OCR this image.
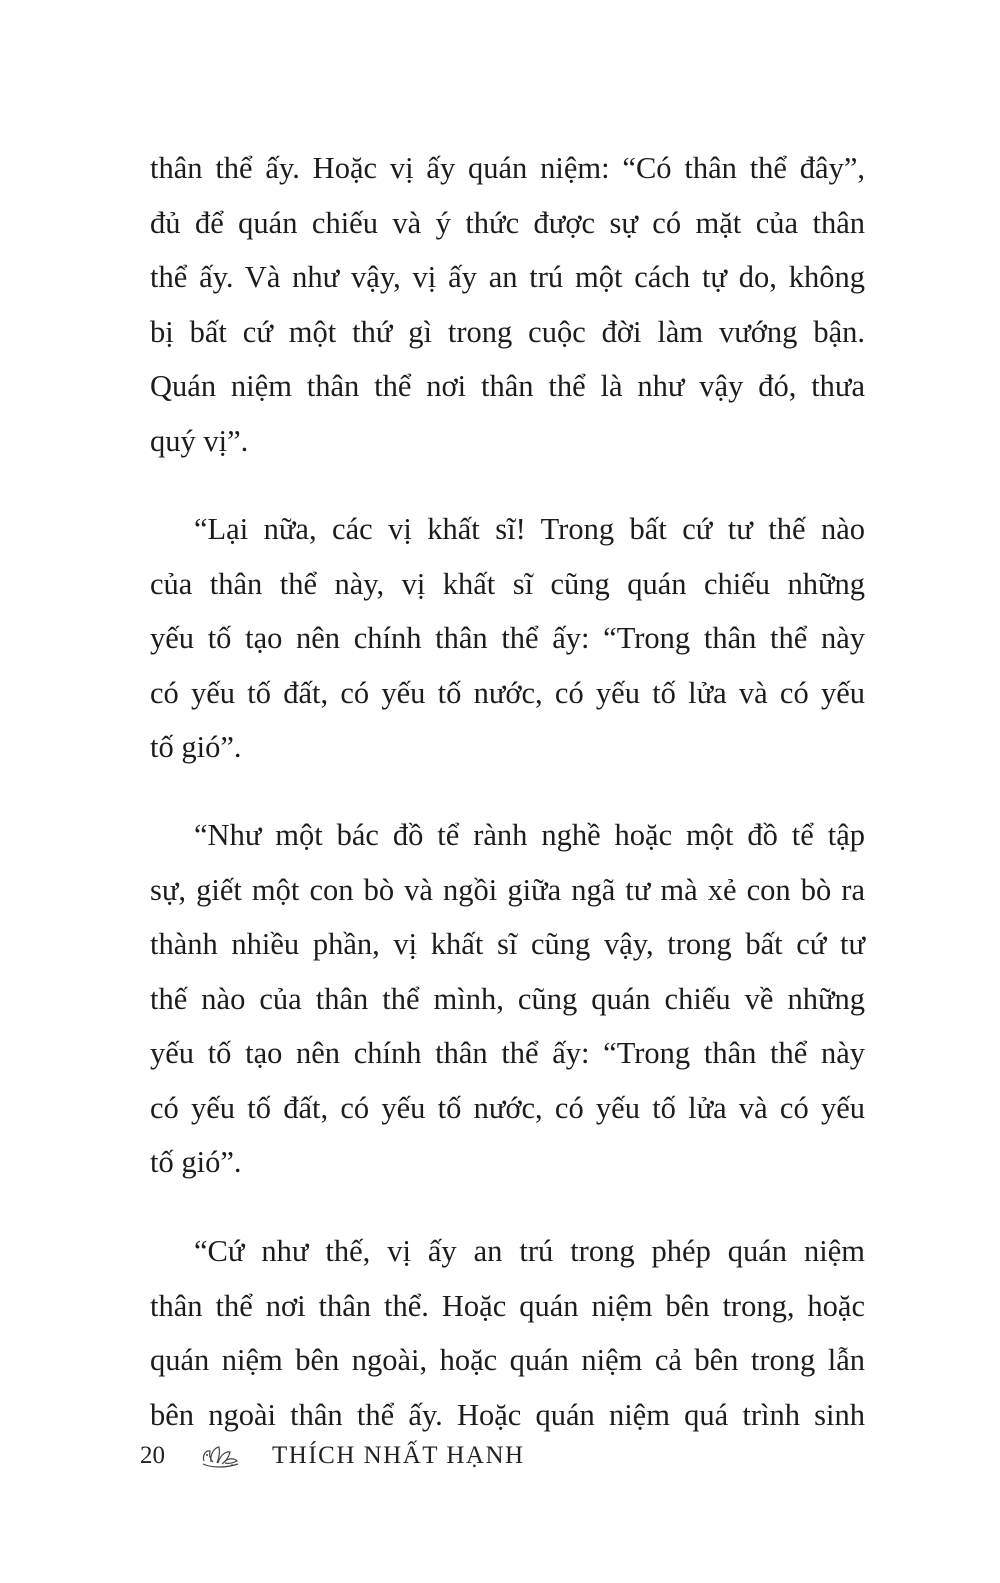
thân thể ấy. Hoặc vị ấy quán niệm: “Có thân thể đây”,
đủ để quán chiếu và ý thức được sự có mặt của thân
thể ấy. Và như vậy, vị ấy an trú một cách tự do, không
bị bất cứ một thứ gì trong cuộc đời làm vướng bận.
Quán niệm thân thể nơi thân thể là như vậy đó, thưa
quý vị”.

“Lại nữa, các vị khất sĩ! Trong bất cứ tư thế nào
của thân thể này, vị khất sĩ cũng quán chiếu những
yếu tố tạo nên chính thân thể ấy: “Trong thân thể này
có yếu tố đất, có yếu tố nước, có yếu tố lửa và có yếu
tố gió”.

“Như một bác đồ tể rành nghề hoặc một đồ tể tập
sự, giết một con bò và ngồi giữa ngã tư mà xẻ con bò ra
thành nhiều phần, vị khất sĩ cũng vậy, trong bất cứ tư
thế nào của thân thể mình, cũng quán chiếu về những
yếu tố tạo nên chính thân thể ấy: “Trong thân thể này
có yếu tố đất, có yếu tố nước, có yếu tố lửa và có yếu
tố gió”.

“Cứ như thế, vị ấy an trú trong phép quán niệm
thân thể nơi thân thể. Hoặc quán niệm bên trong, hoặc
quán niệm bên ngoài, hoặc quán niệm cả bên trong lẫn
bên ngoài thân thể ấy. Hoặc quán niệm quá trình sinh

20	THÍCH NHẤT HẠNH
